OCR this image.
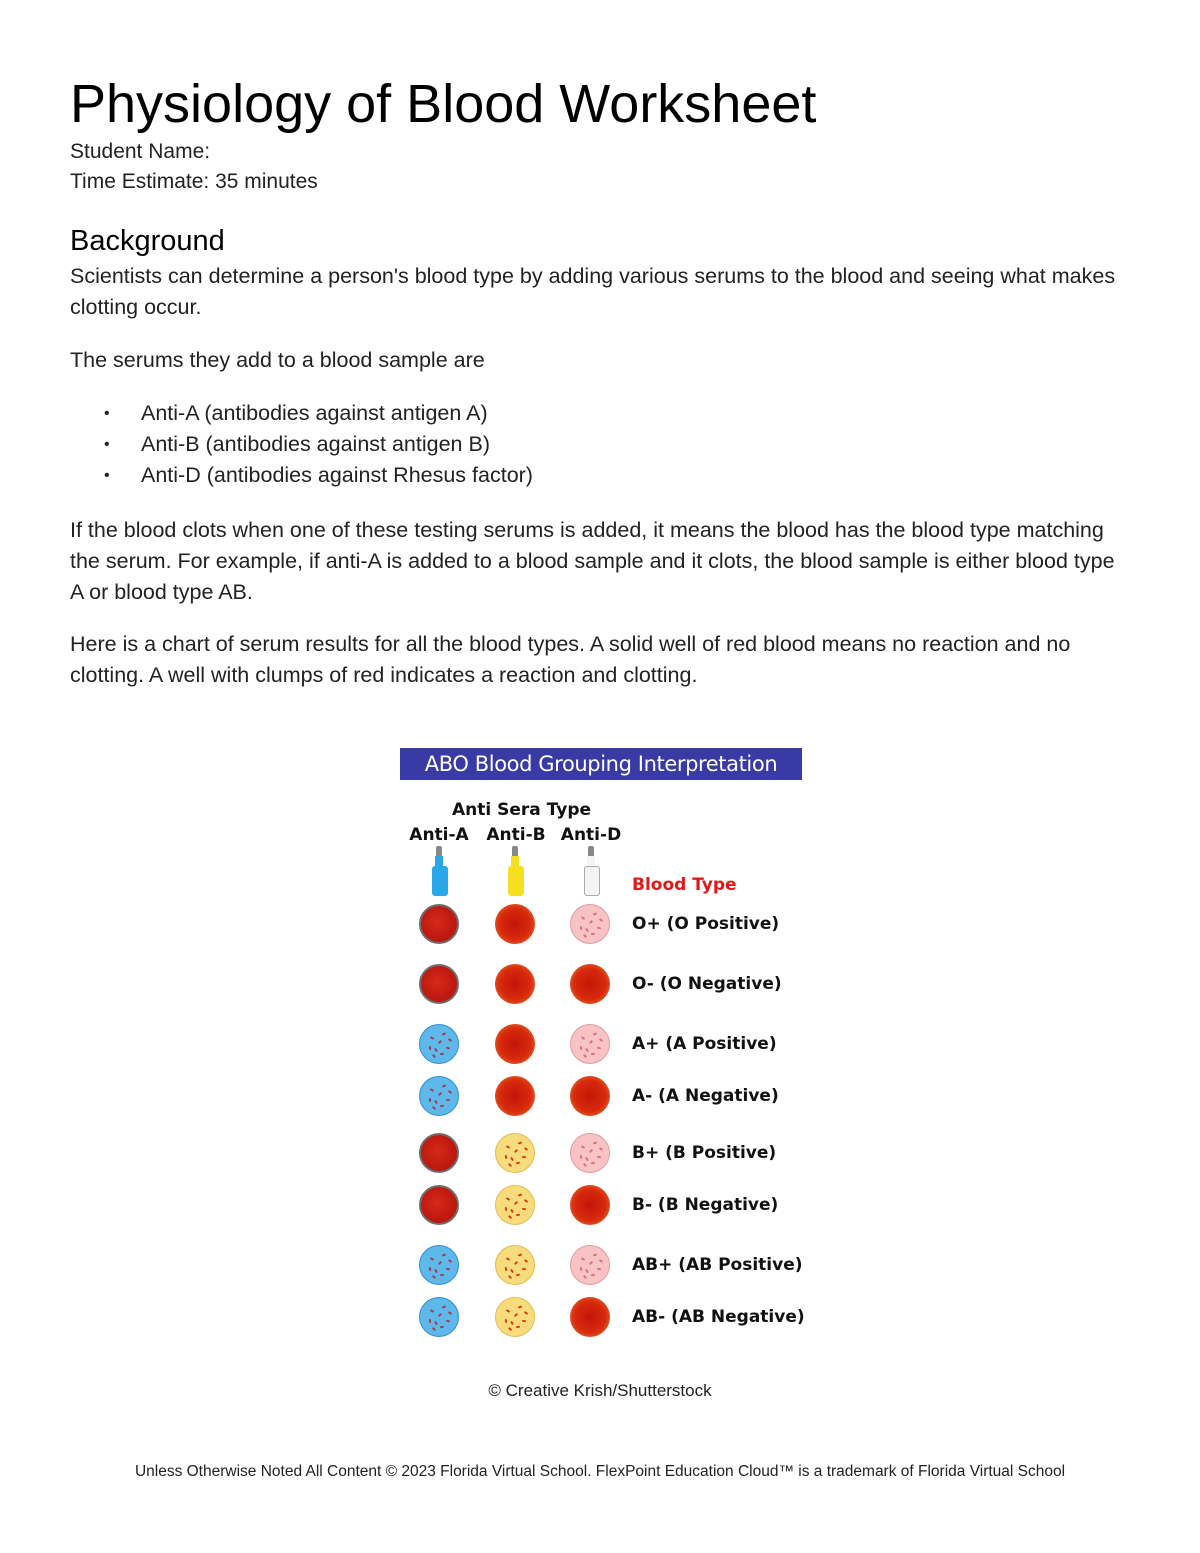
Physiology of Blood Worksheet
Student Name:
Time Estimate: 35 minutes
Background

Scientists can determine a person's blood type by adding various serums to the blood and seeing what makes clotting occur.

The serums they add to a blood sample are

• Anti-A (antibodies against antigen A)
• Anti-B (antibodies against antigen B)
• Anti-D (antibodies against Rhesus factor)

If the blood clots when one of these testing serums is added, it means the blood has the blood type matching the serum. For example, if anti-A is added to a blood sample and it clots, the blood sample is either blood type A or blood type AB.

Here is a chart of serum results for all the blood types. A solid well of red blood means no reaction and no clotting. A well with clumps of red indicates a reaction and clotting.

ABO Blood Grouping Interpretation
Anti Sera Type
Anti-A	Anti-B Anti-D
Blood Type
O+ (O Positive)
O- (O Negative)
A+ (A Positive)
A- (A Negative)
B+ (B Positive)
B- (B Negative)
AB+ (AB Positive)
AB- (AB Negative)
© Creative Krish/Shutterstock
Unless Otherwise Noted All Content © 2023 Florida Virtual School. FlexPoint Education Cloud™ is a trademark of Florida Virtual School
